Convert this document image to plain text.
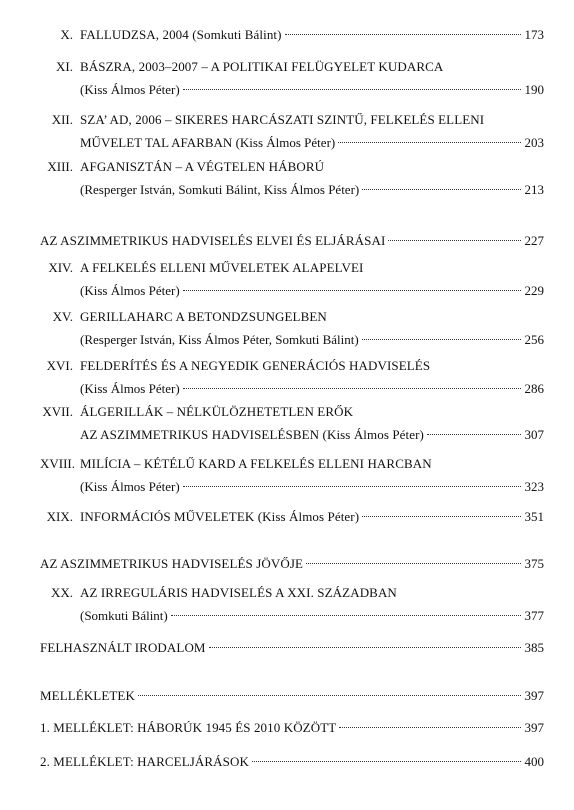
X. FALLUDZSA, 2004 (Somkuti Bálint)	173
XI. BÁSZRA, 2003–2007 – A POLITIKAI FELÜGYELET KUDARCA
(Kiss Álmos Péter)	190
XII. SZA’ AD, 2006 – SIKERES HARCÁSZATI SZINTŰ, FELKELÉS ELLENI
MŰVELET TAL AFARBAN (Kiss Álmos Péter)	203
XIII. AFGANISZTÁN – A VÉGTELEN HÁBORÚ
(Resperger István, Somkuti Bálint, Kiss Álmos Péter)	213
AZ ASZIMMETRIKUS HADVISELÉS ELVEI ÉS ELJÁRÁSAI	227
XIV. A FELKELÉS ELLENI MŰVELETEK ALAPELVEI
(Kiss Álmos Péter)	229
XV. GERILLAHARC A BETONDZSUNGELBEN
(Resperger István, Kiss Álmos Péter, Somkuti Bálint)	256
XVI. FELDERÍTÉS ÉS A NEGYEDIK GENERÁCIÓS HADVISELÉS
(Kiss Álmos Péter)	286
XVII. ÁLGERILLÁK – NÉLKÜLÖZHETETLEN ERŐK
AZ ASZIMMETRIKUS HADVISELÉSBEN (Kiss Álmos Péter)	307
XVIII. MILÍCIA – KÉTÉLŰ KARD A FELKELÉS ELLENI HARCBAN
(Kiss Álmos Péter)	323
XIX. INFORMÁCIÓS MŰVELETEK (Kiss Álmos Péter)	351
AZ ASZIMMETRIKUS HADVISELÉS JÖVŐJE	375
XX. AZ IRREGULÁRIS HADVISELÉS A XXI. SZÁZADBAN
(Somkuti Bálint)	377
FELHASZNÁLT IRODALOM	385
MELLÉKLETEK	397
1. MELLÉKLET: HÁBORÚK 1945 ÉS 2010 KÖZÖTT	397
2. MELLÉKLET: HARCELJÁRÁSOK	400
